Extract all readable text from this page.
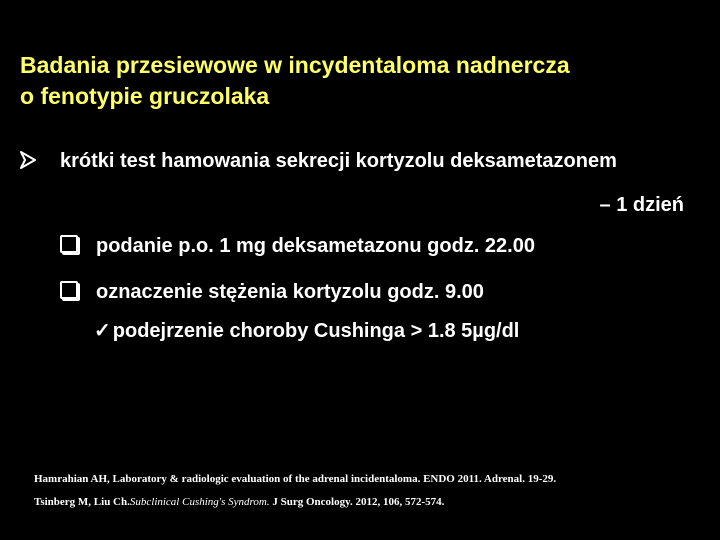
Badania przesiewowe w incydentaloma nadnercza
o fenotypie gruczolaka
krótki test hamowania sekrecji kortyzolu deksametazonem
– 1 dzień
podanie p.o. 1 mg deksametazonu godz. 22.00
oznaczenie stężenia kortyzolu godz. 9.00
✓ podejrzenie choroby Cushinga > 1.8 5µg/dl
Hamrahian AH, Laboratory & radiologic evaluation of the adrenal incidentaloma. ENDO 2011. Adrenal. 19-29.
Tsinberg M, Liu Ch.Subclinical Cushing's Syndrom. J Surg Oncology. 2012, 106, 572-574.
